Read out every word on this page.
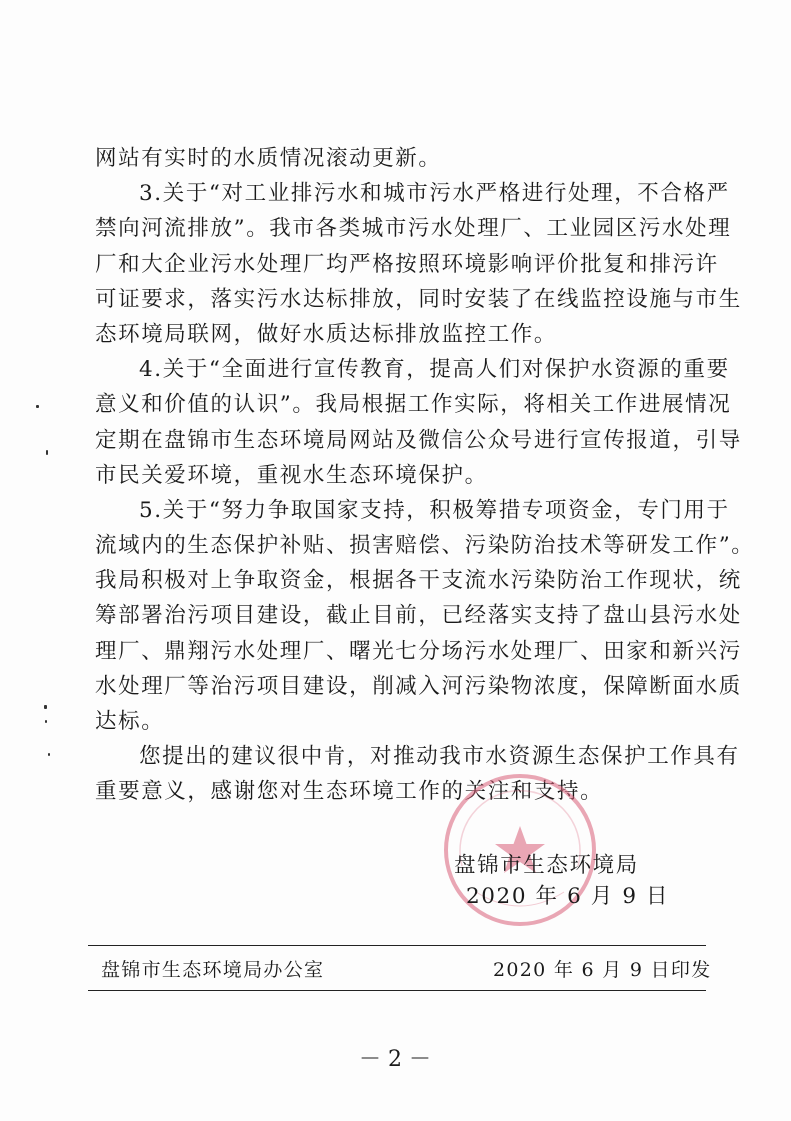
网站有实时的水质情况滚动更新。
3.关于“对工业排污水和城市污水严格进行处理，不合格严
禁向河流排放”。我市各类城市污水处理厂、工业园区污水处理
厂和大企业污水处理厂均严格按照环境影响评价批复和排污许
可证要求，落实污水达标排放，同时安装了在线监控设施与市生
态环境局联网，做好水质达标排放监控工作。
4.关于“全面进行宣传教育，提高人们对保护水资源的重要
意义和价值的认识”。我局根据工作实际，将相关工作进展情况
定期在盘锦市生态环境局网站及微信公众号进行宣传报道，引导
市民关爱环境，重视水生态环境保护。
5.关于“努力争取国家支持，积极筹措专项资金，专门用于
流域内的生态保护补贴、损害赔偿、污染防治技术等研发工作”。
我局积极对上争取资金，根据各干支流水污染防治工作现状，统
筹部署治污项目建设，截止目前，已经落实支持了盘山县污水处
理厂、鼎翔污水处理厂、曙光七分场污水处理厂、田家和新兴污
水处理厂等治污项目建设，削减入河污染物浓度，保障断面水质
达标。
您提出的建议很中肯，对推动我市水资源生态保护工作具有
重要意义，感谢您对生态环境工作的关注和支持。
盘锦市生态环境局
2020 年 6 月 9 日
盘锦市生态环境局办公室	2020 年 6 月 9 日印发
－ 2 －
